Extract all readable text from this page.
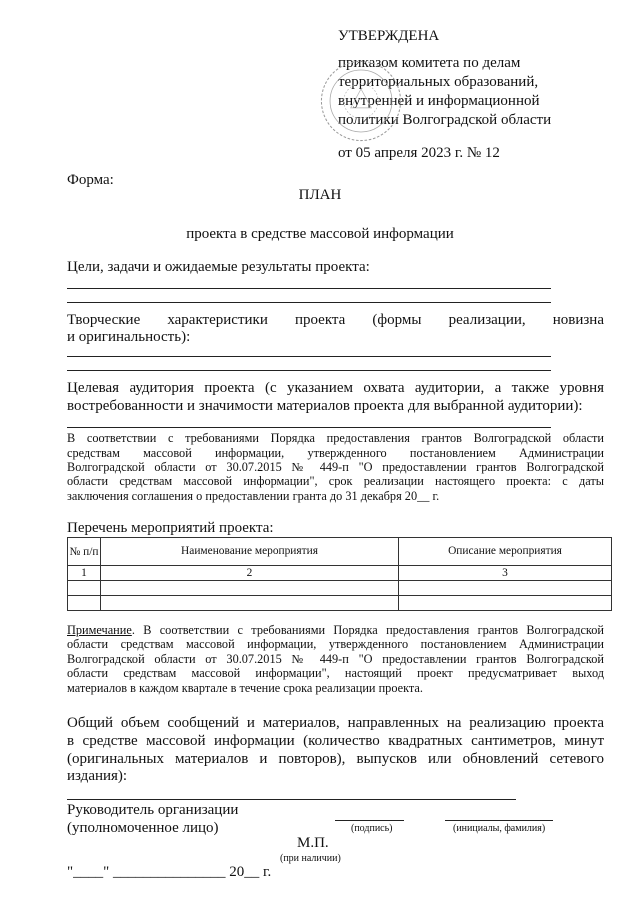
УТВЕРЖДЕНА
приказом комитета по делам
территориальных образований,
внутренней и информационной
политики Волгоградской области
от 05 апреля 2023 г. № 12
Форма:
ПЛАН
проекта в средстве массовой информации
Цели, задачи и ожидаемые результаты проекта:
Творческие характеристики проекта (формы реализации, новизна
и оригинальность):
Целевая аудитория проекта (с указанием охвата аудитории, а также уровня
востребованности и значимости материалов проекта для выбранной аудитории):
В соответствии с требованиями Порядка предоставления грантов Волгоградской области
средствам массовой информации, утвержденного постановлением Администрации
Волгоградской области от 30.07.2015 № 449-п "О предоставлении грантов Волгоградской
области средствам массовой информации", срок реализации настоящего проекта: с даты
заключения соглашения о предоставлении гранта до 31 декабря 20__ г.
Перечень мероприятий проекта:
№ п/п	Наименование мероприятия	Описание мероприятия
1	2	3

Примечание. В соответствии с требованиями Порядка предоставления грантов Волгоградской
области средствам массовой информации, утвержденного постановлением Администрации
Волгоградской области от 30.07.2015 № 449-п "О предоставлении грантов Волгоградской
области средствам массовой информации", настоящий проект предусматривает выход
материалов в каждом квартале в течение срока реализации проекта.
Общий объем сообщений и материалов, направленных на реализацию проекта
в средстве массовой информации (количество квадратных сантиметров, минут
(оригинальных материалов и повторов), выпусков или обновлений сетевого
издания):
Руководитель организации
(уполномоченное лицо)	(подпись)	(инициалы, фамилия)
М.П.
(при наличии)
"____" _______________ 20__ г.
